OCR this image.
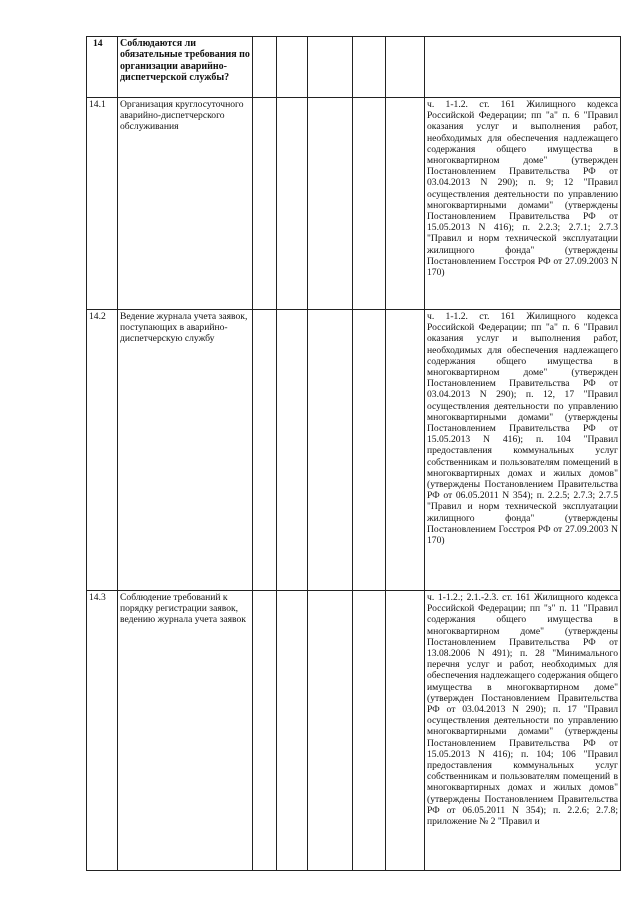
14	Соблюдаются ли обязательные требования по организации аварийно-диспетчерской службы?						
14.1	Организация круглосуточного аварийно-диспетчерского обслуживания						ч. 1-1.2. ст. 161 Жилищного кодекса Российской Федерации; пп "а" п. 6 "Правил оказания услуг и выполнения работ, необходимых для обеспечения надлежащего содержания общего имущества в многоквартирном доме" (утвержден Постановлением Правительства РФ от 03.04.2013 N 290); п. 9; 12 "Правил осуществления деятельности по управлению многоквартирными домами" (утверждены Постановлением Правительства РФ от 15.05.2013 N 416); п. 2.2.3; 2.7.1; 2.7.3 "Правил и норм технической эксплуатации жилищного фонда" (утверждены Постановлением Госстроя РФ от 27.09.2003 N 170)
14.2	Ведение журнала учета заявок, поступающих в аварийно-диспетчерскую службу						ч. 1-1.2. ст. 161 Жилищного кодекса Российской Федерации; пп "а" п. 6 "Правил оказания услуг и выполнения работ, необходимых для обеспечения надлежащего содержания общего имущества в многоквартирном доме" (утвержден Постановлением Правительства РФ от 03.04.2013 N 290); п. 12, 17 "Правил осуществления деятельности по управлению многоквартирными домами" (утверждены Постановлением Правительства РФ от 15.05.2013 N 416); п. 104 "Правил предоставления коммунальных услуг собственникам и пользователям помещений в многоквартирных домах и жилых домов" (утверждены Постановлением Правительства РФ от 06.05.2011 N 354); п. 2.2.5; 2.7.3; 2.7.5 "Правил и норм технической эксплуатации жилищного фонда" (утверждены Постановлением Госстроя РФ от 27.09.2003 N 170)
14.3	Соблюдение требований к порядку регистрации заявок, ведению журнала учета заявок						ч. 1-1.2.; 2.1.-2.3. ст. 161 Жилищного кодекса Российской Федерации; пп "з" п. 11 "Правил содержания общего имущества в многоквартирном доме" (утверждены Постановлением Правительства РФ от 13.08.2006 N 491); п. 28 "Минимального перечня услуг и работ, необходимых для обеспечения надлежащего содержания общего имущества в многоквартирном доме" (утвержден Постановлением Правительства РФ от 03.04.2013 N 290); п. 17 "Правил осуществления деятельности по управлению многоквартирными домами" (утверждены Постановлением Правительства РФ от 15.05.2013 N 416); п. 104; 106 "Правил предоставления коммунальных услуг собственникам и пользователям помещений в многоквартирных домах и жилых домов" (утверждены Постановлением Правительства РФ от 06.05.2011 N 354); п. 2.2.6; 2.7.8; приложение № 2 "Правил и
